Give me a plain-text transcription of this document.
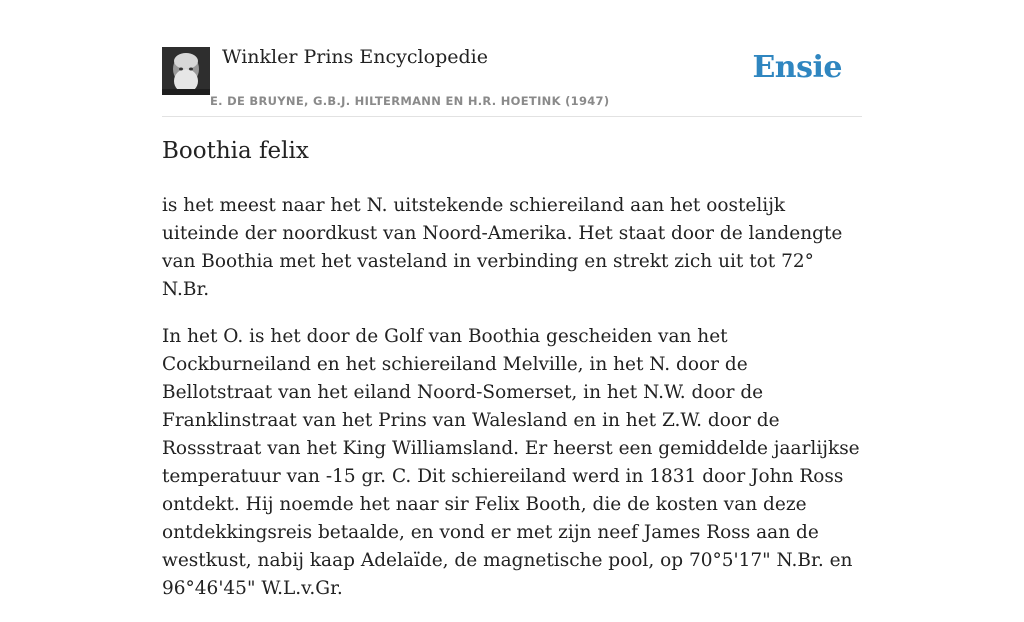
Winkler Prins Encyclopedie
E. DE BRUYNE, G.B.J. HILTERMANN EN H.R. HOETINK (1947)
Ensie
Boothia felix

is het meest naar het N. uitstekende schiereiland aan het oostelijk uiteinde der noordkust van Noord-Amerika. Het staat door de landengte van Boothia met het vasteland in verbinding en strekt zich uit tot 72° N.Br.

In het O. is het door de Golf van Boothia gescheiden van het Cockburneiland en het schiereiland Melville, in het N. door de Bellotstraat van het eiland Noord-Somerset, in het N.W. door de Franklinstraat van het Prins van Walesland en in het Z.W. door de Rossstraat van het King Williamsland. Er heerst een gemiddelde jaarlijkse temperatuur van -15 gr. C. Dit schiereiland werd in 1831 door John Ross ontdekt. Hij noemde het naar sir Felix Booth, die de kosten van deze ontdekkingsreis betaalde, en vond er met zijn neef James Ross aan de westkust, nabij kaap Adelaïde, de magnetische pool, op 70°5'17" N.Br. en 96°46'45" W.L.v.Gr.
